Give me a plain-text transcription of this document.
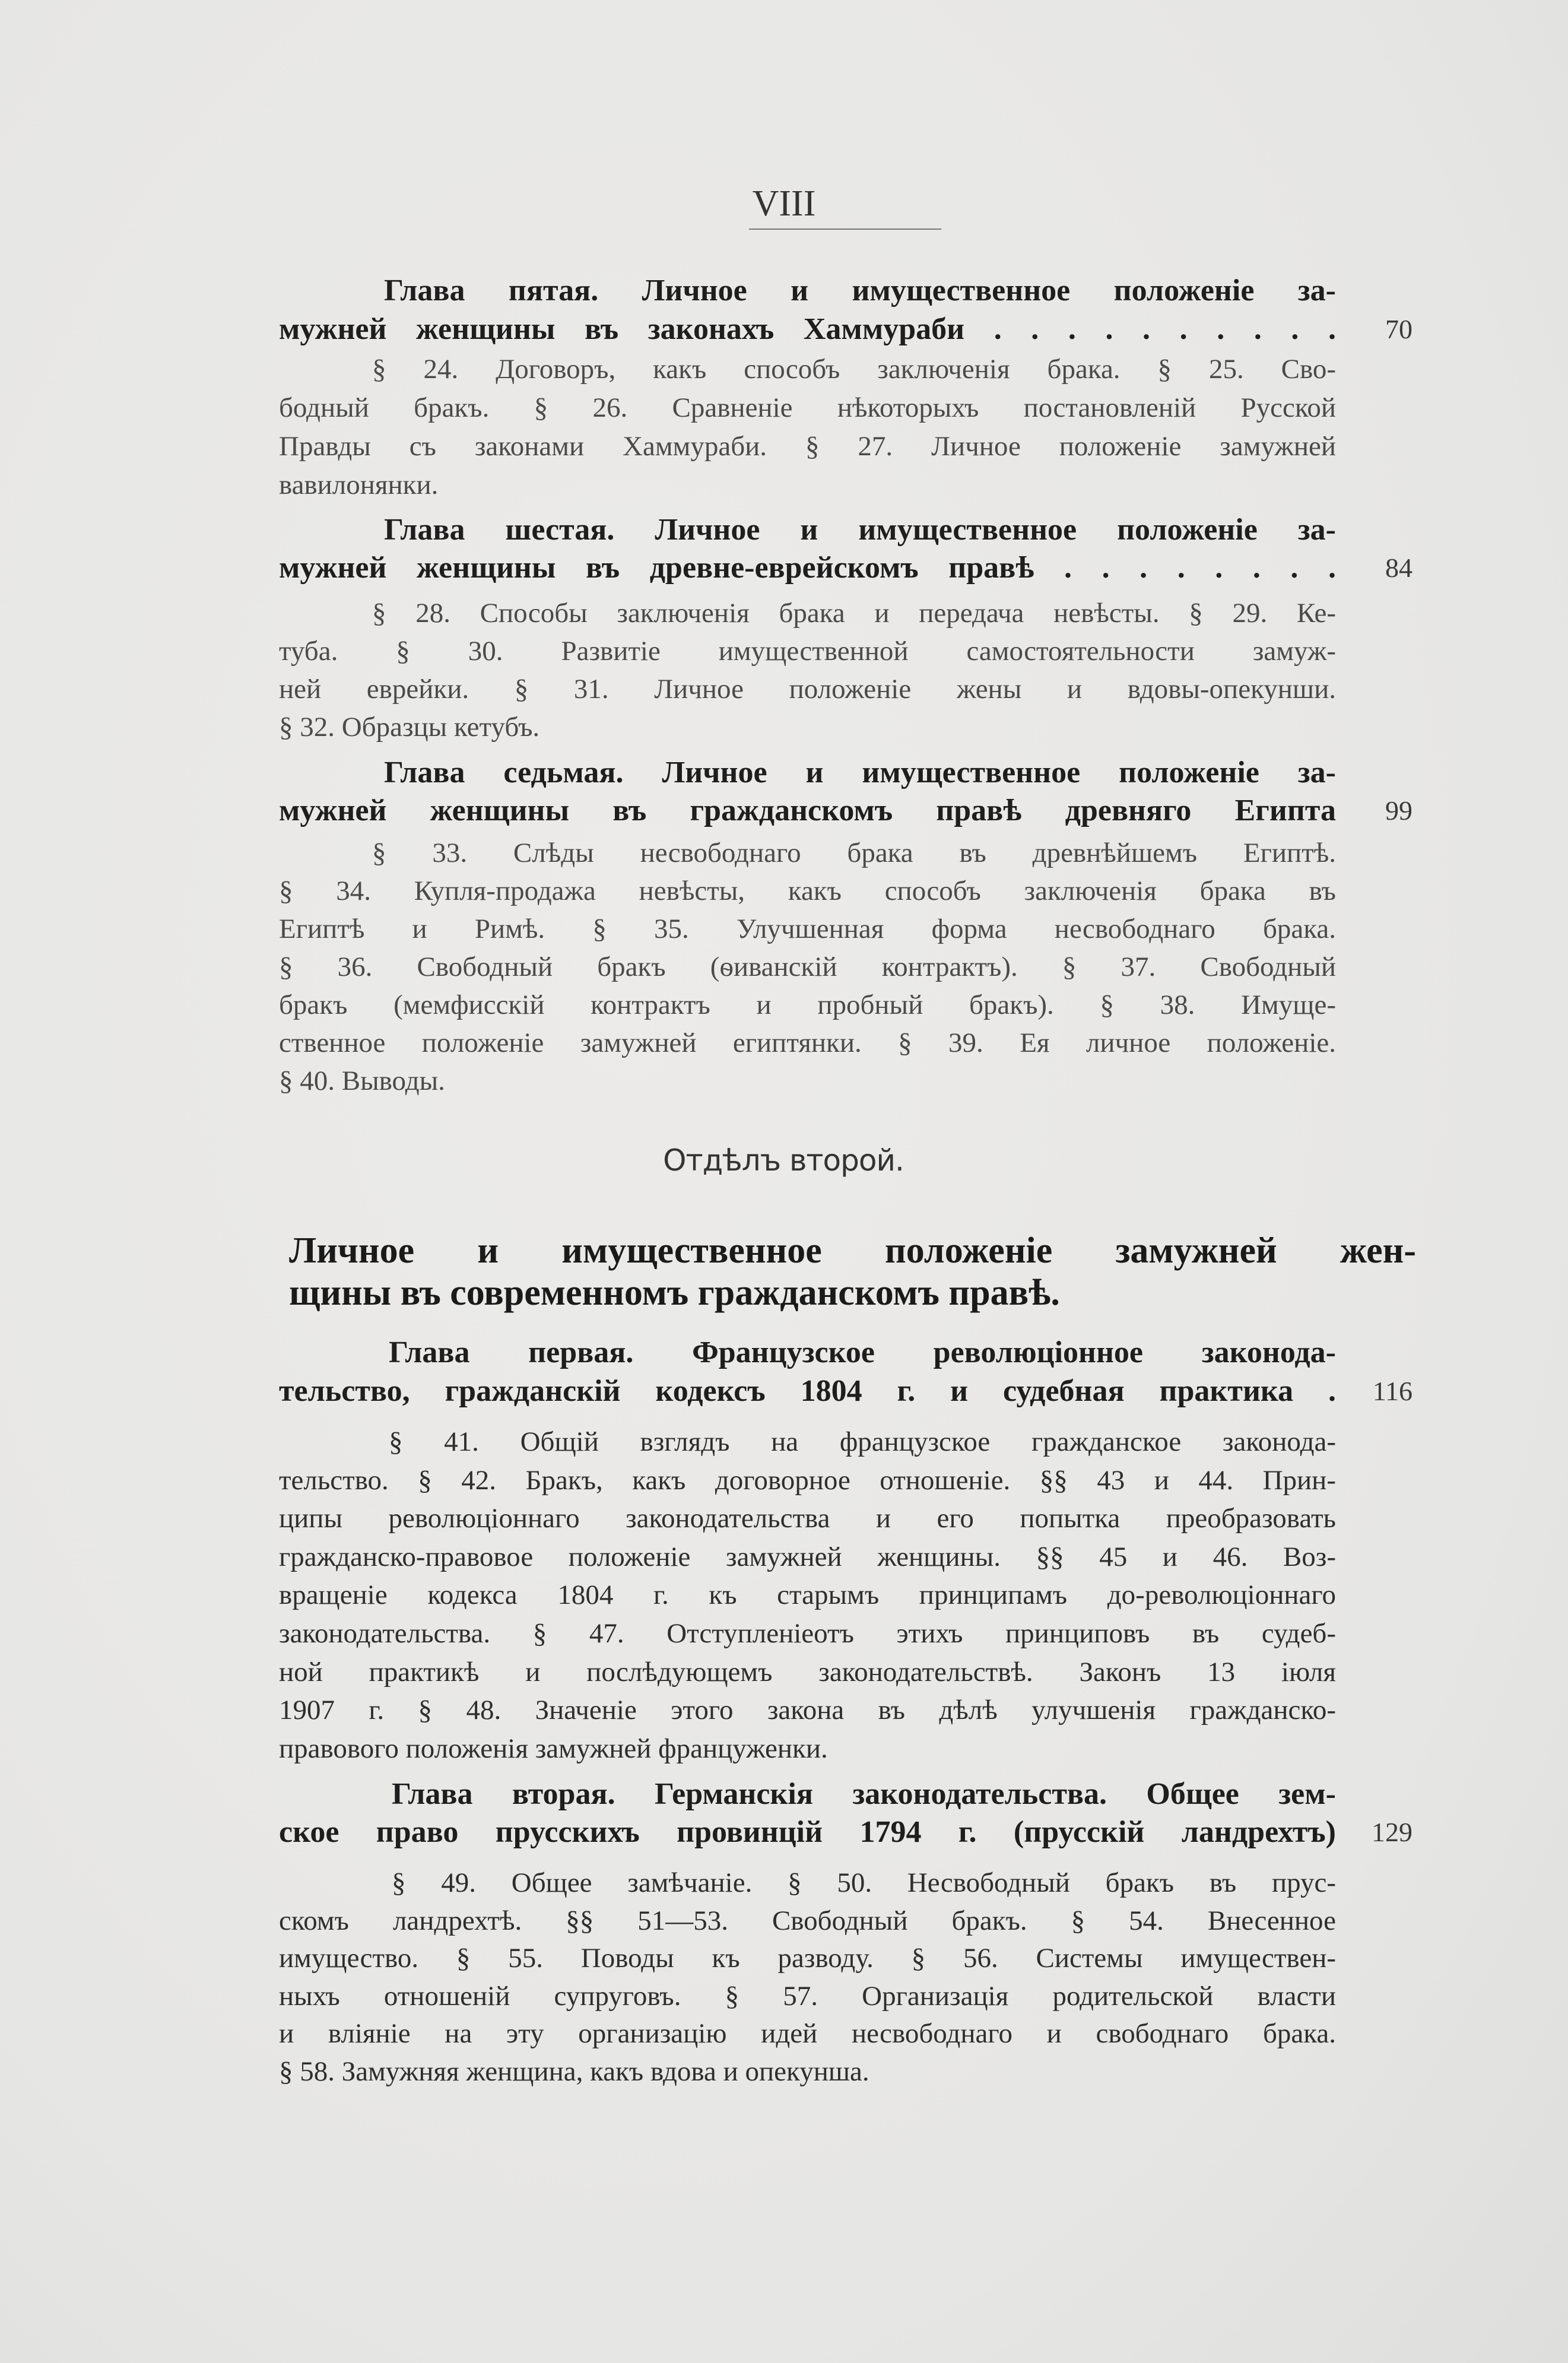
VIII
Отдѣлъ второй.
Глава пятая. Личное и имущественное положеніе за-
мужней женщины въ законахъ Хаммураби . . . . . . . . . .	70
§ 24. Договоръ, какъ способъ заключенія брака. § 25. Сво-
бодный бракъ. § 26. Сравненіе нѣкоторыхъ постановленій Русской
Правды съ законами Хаммураби. § 27. Личное положеніе замужней
вавилонянки.
Глава шестая. Личное и имущественное положеніе за-
мужней женщины въ древне-еврейскомъ правѣ . . . . . . . .	84
§ 28. Способы заключенія брака и передача невѣсты. § 29. Ке-
туба. § 30. Развитіе имущественной самостоятельности замуж-
ней еврейки. § 31. Личное положеніе жены и вдовы-опекунши.
§ 32. Образцы кетубъ.
Глава седьмая. Личное и имущественное положеніе за-
мужней женщины въ гражданскомъ правѣ древняго Египта	99
§ 33. Слѣды несвободнаго брака въ древнѣйшемъ Египтѣ.
§ 34. Купля-продажа невѣсты, какъ способъ заключенія брака въ
Египтѣ и Римѣ. § 35. Улучшенная форма несвободнаго брака.
§ 36. Свободный бракъ (ѳиванскій контрактъ). § 37. Свободный
бракъ (мемфисскій контрактъ и пробный бракъ). § 38. Имуще-
ственное положеніе замужней египтянки. § 39. Ея личное положеніе.
§ 40. Выводы.
Личное и имущественное положеніе замужней жен-
щины въ современномъ гражданскомъ правѣ.
Глава первая. Французское революціонное законода-
тельство, гражданскій кодексъ 1804 г. и судебная практика .	116
§ 41. Общій взглядъ на французское гражданское законода-
тельство. § 42. Бракъ, какъ договорное отношеніе. §§ 43 и 44. Прин-
ципы революціоннаго законодательства и его попытка преобразовать
гражданско-правовое положеніе замужней женщины. §§ 45 и 46. Воз-
вращеніе кодекса 1804 г. къ старымъ принципамъ до-революціоннаго
законодательства. § 47. Отступленіеотъ этихъ принциповъ въ судеб-
ной практикѣ и послѣдующемъ законодательствѣ. Законъ 13 іюля
1907 г. § 48. Значеніе этого закона въ дѣлѣ улучшенія гражданско-
правового положенія замужней француженки.
Глава вторая. Германскія законодательства. Общее зем-
ское право прусскихъ провинцій 1794 г. (прусскій ландрехтъ)	129
§ 49. Общее замѣчаніе. § 50. Несвободный бракъ въ прус-
скомъ ландрехтѣ. §§ 51—53. Свободный бракъ. § 54. Внесенное
имущество. § 55. Поводы къ разводу. § 56. Системы имуществен-
ныхъ отношеній супруговъ. § 57. Организація родительской власти
и вліяніе на эту организацію идей несвободнаго и свободнаго брака.
§ 58. Замужняя женщина, какъ вдова и опекунша.
